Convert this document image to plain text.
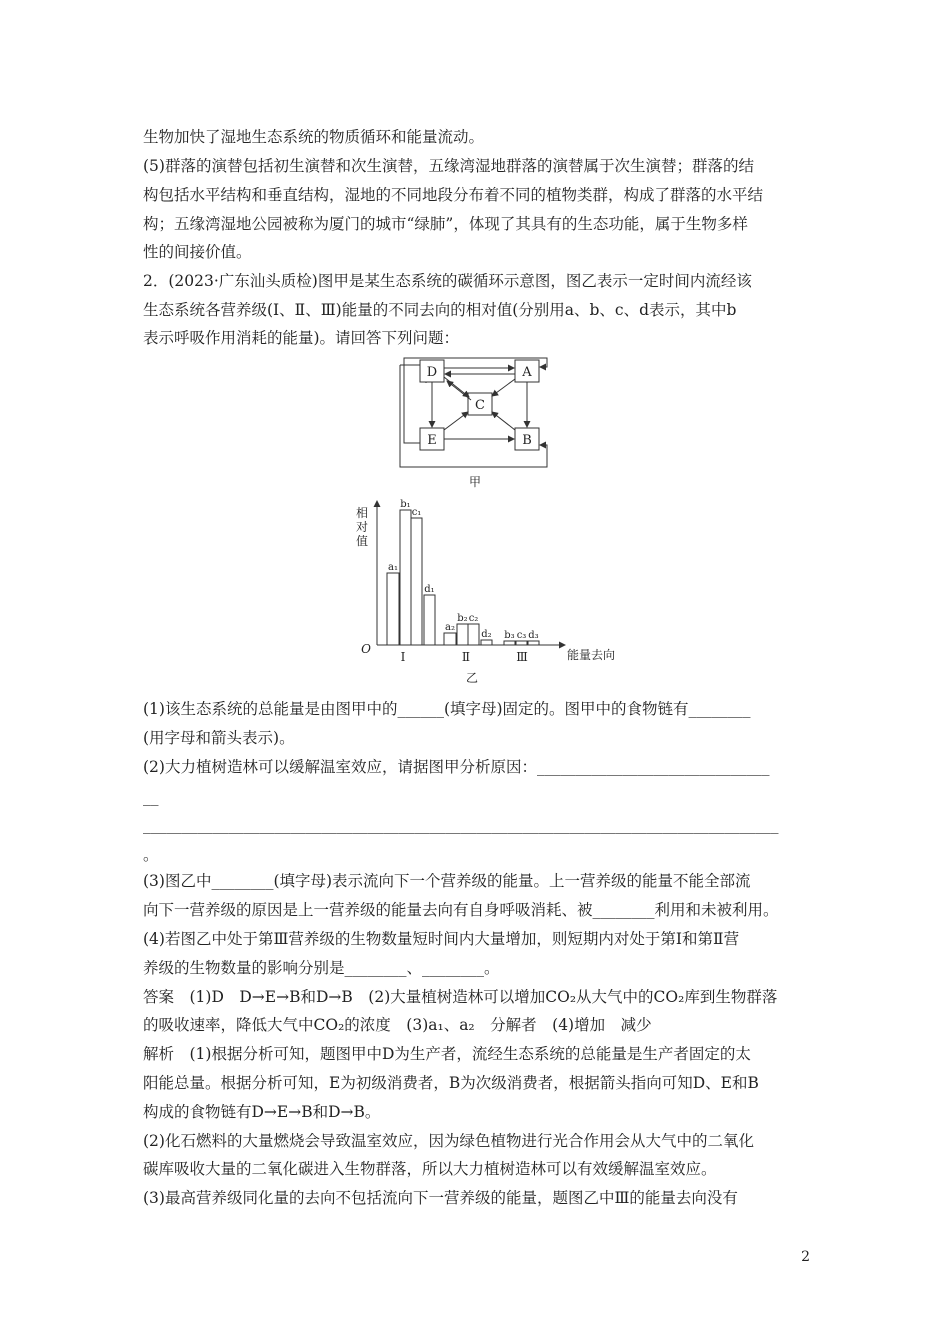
生物加快了湿地生态系统的物质循环和能量流动。
(5)群落的演替包括初生演替和次生演替，五缘湾湿地群落的演替属于次生演替；群落的结
构包括水平结构和垂直结构，湿地的不同地段分布着不同的植物类群，构成了群落的水平结
构；五缘湾湿地公园被称为厦门的城市“绿肺”，体现了其具有的生态功能，属于生物多样
性的间接价值。
2．(2023·广东汕头质检)图甲是某生态系统的碳循环示意图，图乙表示一定时间内流经该
生态系统各营养级(Ⅰ、Ⅱ、Ⅲ)能量的不同去向的相对值(分别用a、b、c、d表示，其中b
表示呼吸作用消耗的能量)。请回答下列问题：
(1)该生态系统的总能量是由图甲中的______(填字母)固定的。图甲中的食物链有________
(用字母和箭头表示)。
(2)大力植树造林可以缓解温室效应，请据图甲分析原因：______________________________
__
__________________________________________________________________________________
。
(3)图乙中________(填字母)表示流向下一个营养级的能量。上一营养级的能量不能全部流
向下一营养级的原因是上一营养级的能量去向有自身呼吸消耗、被________利用和未被利用。
(4)若图乙中处于第Ⅲ营养级的生物数量短时间内大量增加，则短期内对处于第Ⅰ和第Ⅱ营
养级的生物数量的影响分别是________、________。
答案　(1)D　D→E→B和D→B　(2)大量植树造林可以增加CO₂从大气中的CO₂库到生物群落
的吸收速率，降低大气中CO₂的浓度　(3)a₁、a₂　分解者　(4)增加　减少
解析　(1)根据分析可知，题图甲中D为生产者，流经生态系统的总能量是生产者固定的太
阳能总量。根据分析可知，E为初级消费者，B为次级消费者，根据箭头指向可知D、E和B
构成的食物链有D→E→B和D→B。
(2)化石燃料的大量燃烧会导致温室效应，因为绿色植物进行光合作用会从大气中的二氧化
碳库吸收大量的二氧化碳进入生物群落，所以大力植树造林可以有效缓解温室效应。
(3)最高营养级同化量的去向不包括流向下一营养级的能量，题图乙中Ⅲ的能量去向没有
D	A
C
E	B
甲
相对值
O	能量去向
Ⅰ	Ⅱ	Ⅲ
乙
a₁
b₁
c₁
d₁
a₂
b₂ c₂
d₂ b₃ c₃ d₃
2
